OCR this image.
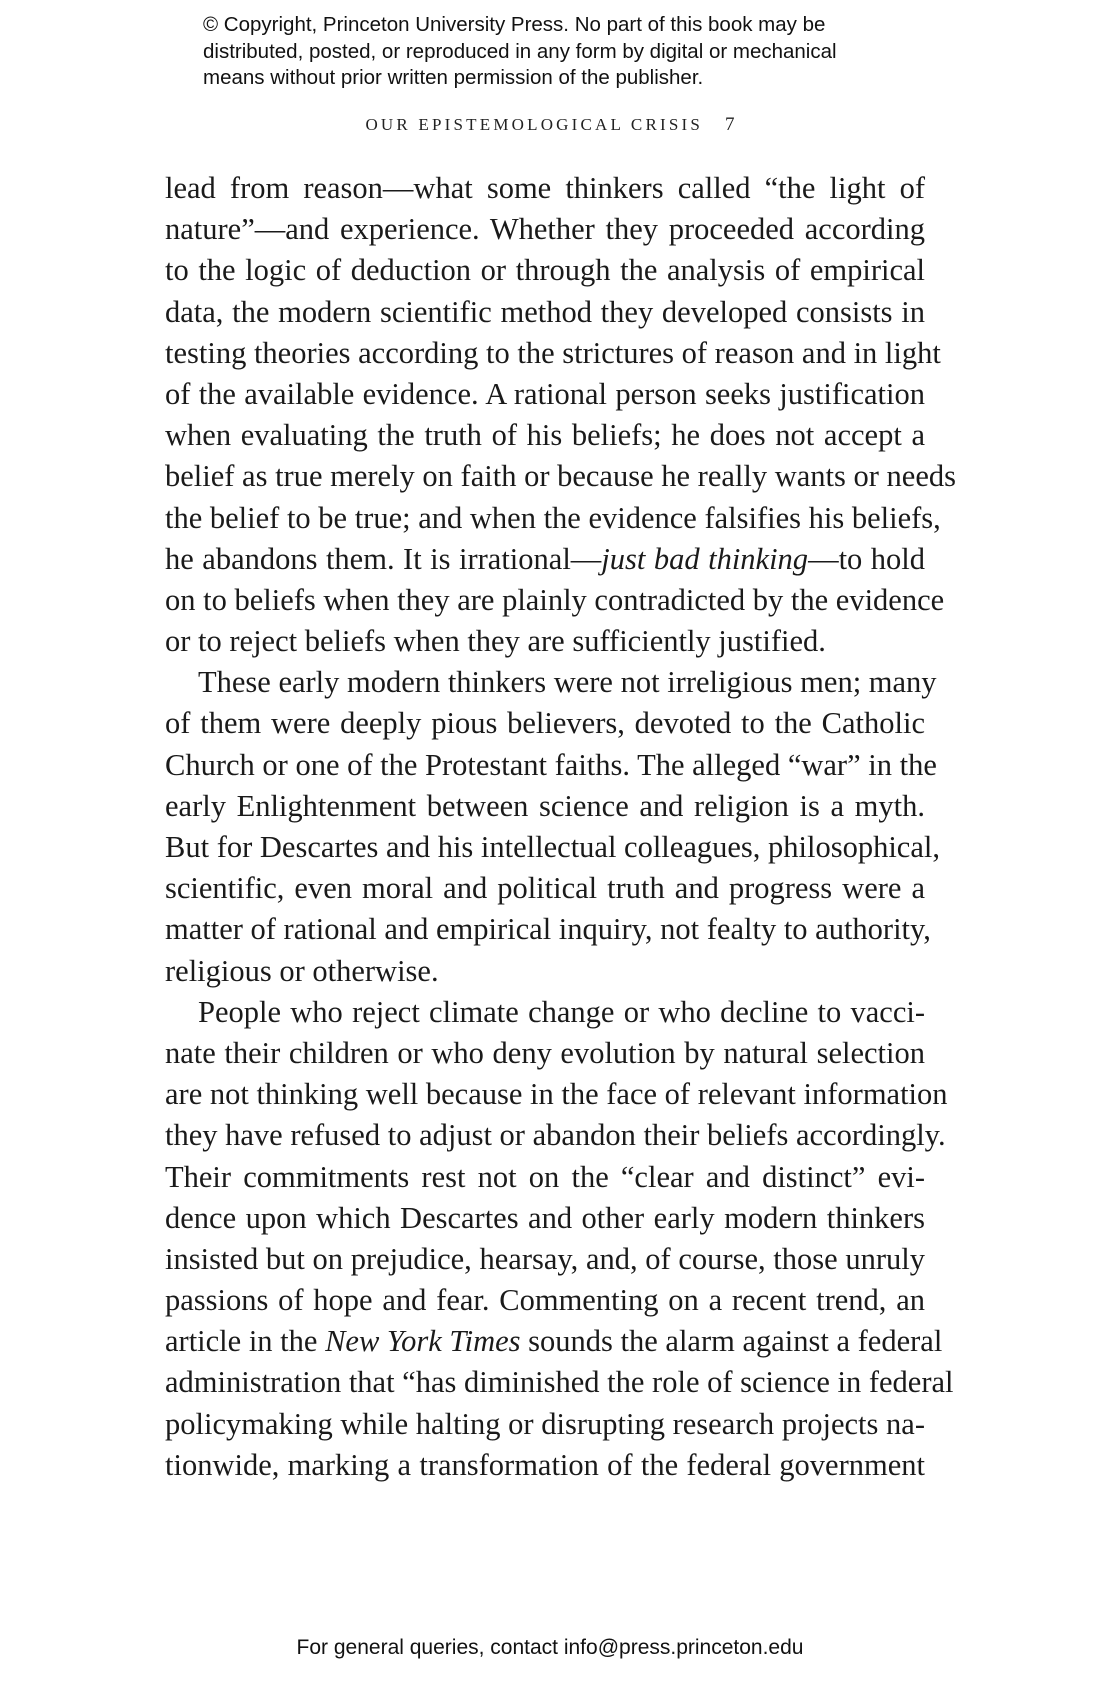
© Copyright, Princeton University Press. No part of this book may be
distributed, posted, or reproduced in any form by digital or mechanical
means without prior written permission of the publisher.
OUR EPISTEMOLOGICAL CRISIS 7
lead from reason—what some thinkers called “the light of
nature”—and experience. Whether they proceeded according
to the logic of deduction or through the analysis of empirical
data, the modern scientific method they developed consists in
testing theories according to the strictures of reason and in light
of the available evidence. A rational person seeks justification
when evaluating the truth of his beliefs; he does not accept a
belief as true merely on faith or because he really wants or needs
the belief to be true; and when the evidence falsifies his beliefs,
he abandons them. It is irrational—just bad thinking—to hold
on to beliefs when they are plainly contradicted by the evidence
or to reject beliefs when they are sufficiently justified.
These early modern thinkers were not irreligious men; many
of them were deeply pious believers, devoted to the Catholic
Church or one of the Protestant faiths. The alleged “war” in the
early Enlightenment between science and religion is a myth.
But for Descartes and his intellectual colleagues, philosophical,
scientific, even moral and political truth and progress were a
matter of rational and empirical inquiry, not fealty to authority,
religious or otherwise.
People who reject climate change or who decline to vacci-
nate their children or who deny evolution by natural selection
are not thinking well because in the face of relevant information
they have refused to adjust or abandon their beliefs accordingly.
Their commitments rest not on the “clear and distinct” evi-
dence upon which Descartes and other early modern thinkers
insisted but on prejudice, hearsay, and, of course, those unruly
passions of hope and fear. Commenting on a recent trend, an
article in the New York Times sounds the alarm against a federal
administration that “has diminished the role of science in federal
policymaking while halting or disrupting research projects na-
tionwide, marking a transformation of the federal government
For general queries, contact info@press.princeton.edu
